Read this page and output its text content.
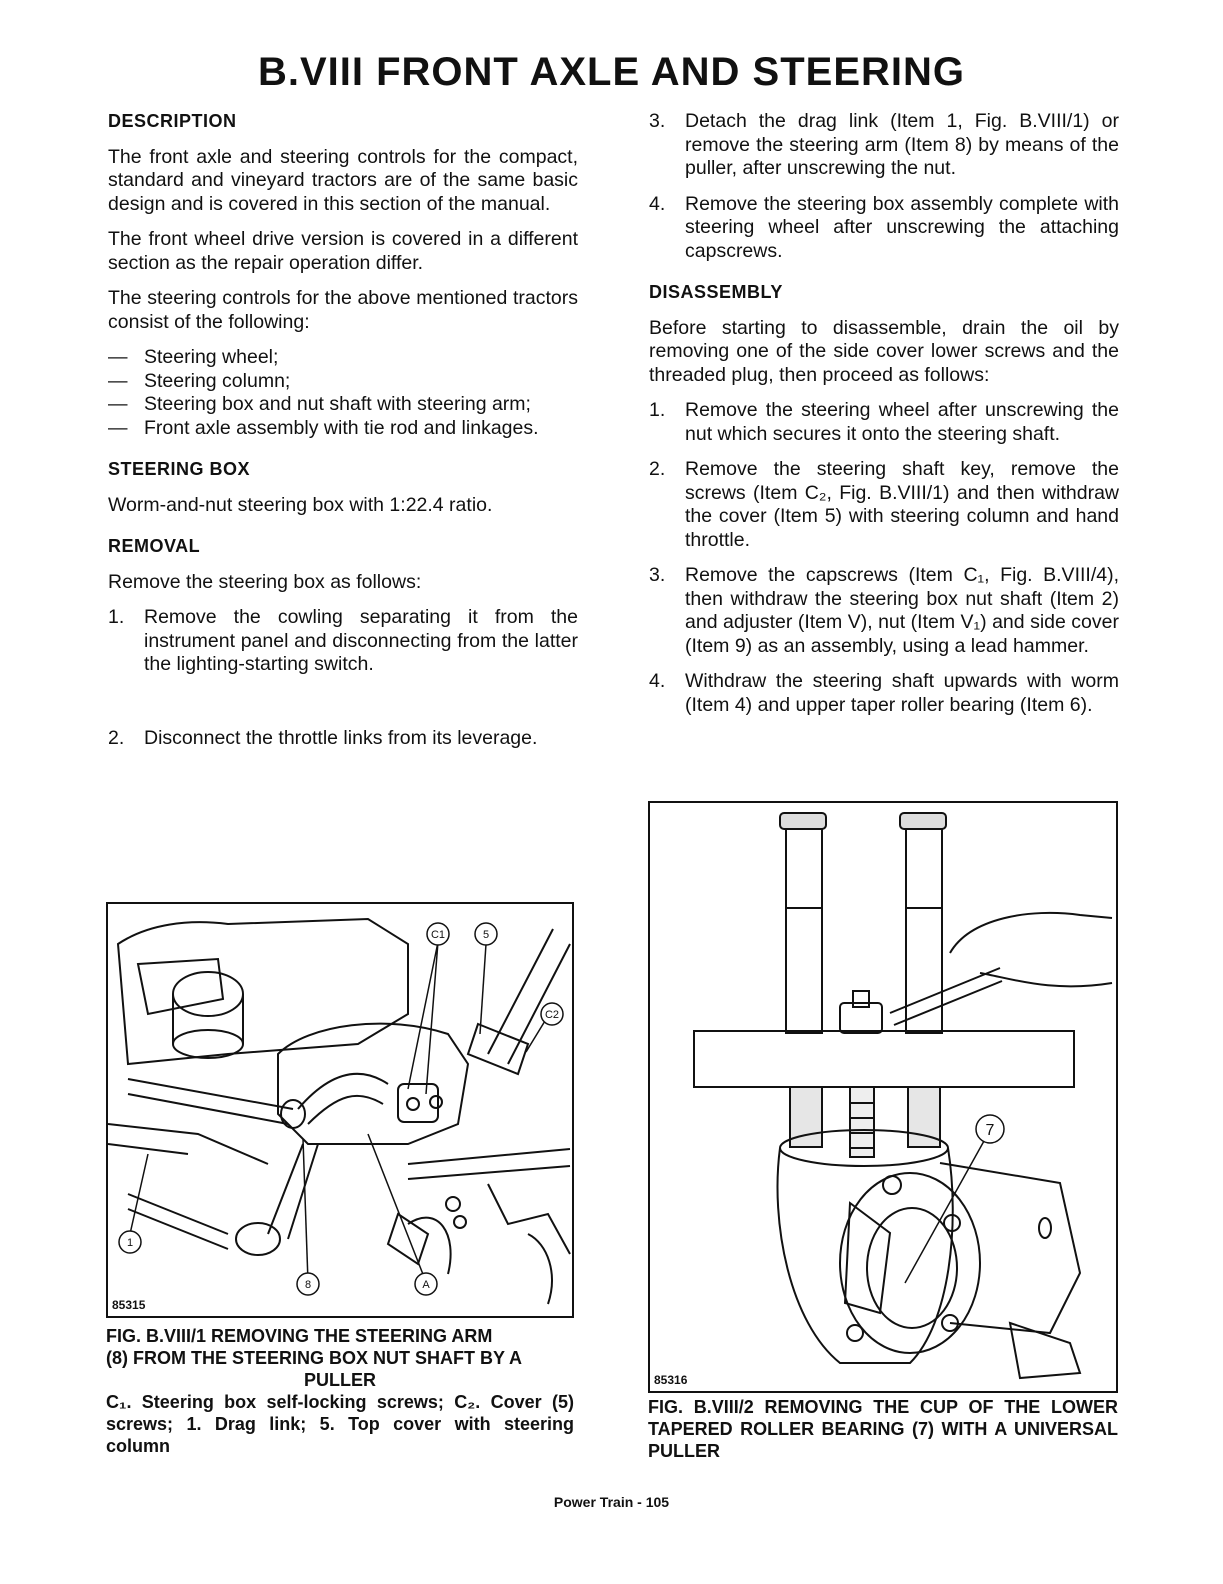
B.VIII FRONT AXLE AND STEERING
DESCRIPTION
The front axle and steering controls for the compact, standard and vineyard tractors are of the same basic design and is covered in this section of the manual.
The front wheel drive version is covered in a different section as the repair operation differ.
The steering controls for the above mentioned tractors consist of the following:
— Steering wheel;
— Steering column;
— Steering box and nut shaft with steering arm;
— Front axle assembly with tie rod and linkages.
STEERING BOX
Worm-and-nut steering box with 1:22.4 ratio.
REMOVAL
Remove the steering box as follows:
1. Remove the cowling separating it from the instrument panel and disconnecting from the latter the lighting-starting switch.
2. Disconnect the throttle links from its leverage.
3. Detach the drag link (Item 1, Fig. B.VIII/1) or remove the steering arm (Item 8) by means of the puller, after unscrewing the nut.
4. Remove the steering box assembly complete with steering wheel after unscrewing the attaching capscrews.
DISASSEMBLY
Before starting to disassemble, drain the oil by removing one of the side cover lower screws and the threaded plug, then proceed as follows:
1. Remove the steering wheel after unscrewing the nut which secures it onto the steering shaft.
2. Remove the steering shaft key, remove the screws (Item C₂, Fig. B.VIII/1) and then withdraw the cover (Item 5) with steering column and hand throttle.
3. Remove the capscrews (Item C₁, Fig. B.VIII/4), then withdraw the steering box nut shaft (Item 2) and adjuster (Item V), nut (Item V₁) and side cover (Item 9) as an assembly, using a lead hammer.
4. Withdraw the steering shaft upwards with worm (Item 4) and upper taper roller bearing (Item 6).
C1	5
C2
1
8	A
85315
FIG. B.VIII/1 REMOVING THE STEERING ARM
(8) FROM THE STEERING BOX NUT SHAFT BY A
PULLER
C₁. Steering box self-locking screws; C₂. Cover (5) screws; 1. Drag link; 5. Top cover with steering column
7
85316
FIG. B.VIII/2 REMOVING THE CUP OF THE LOWER TAPERED ROLLER BEARING (7) WITH A UNIVERSAL PULLER
Power Train - 105
